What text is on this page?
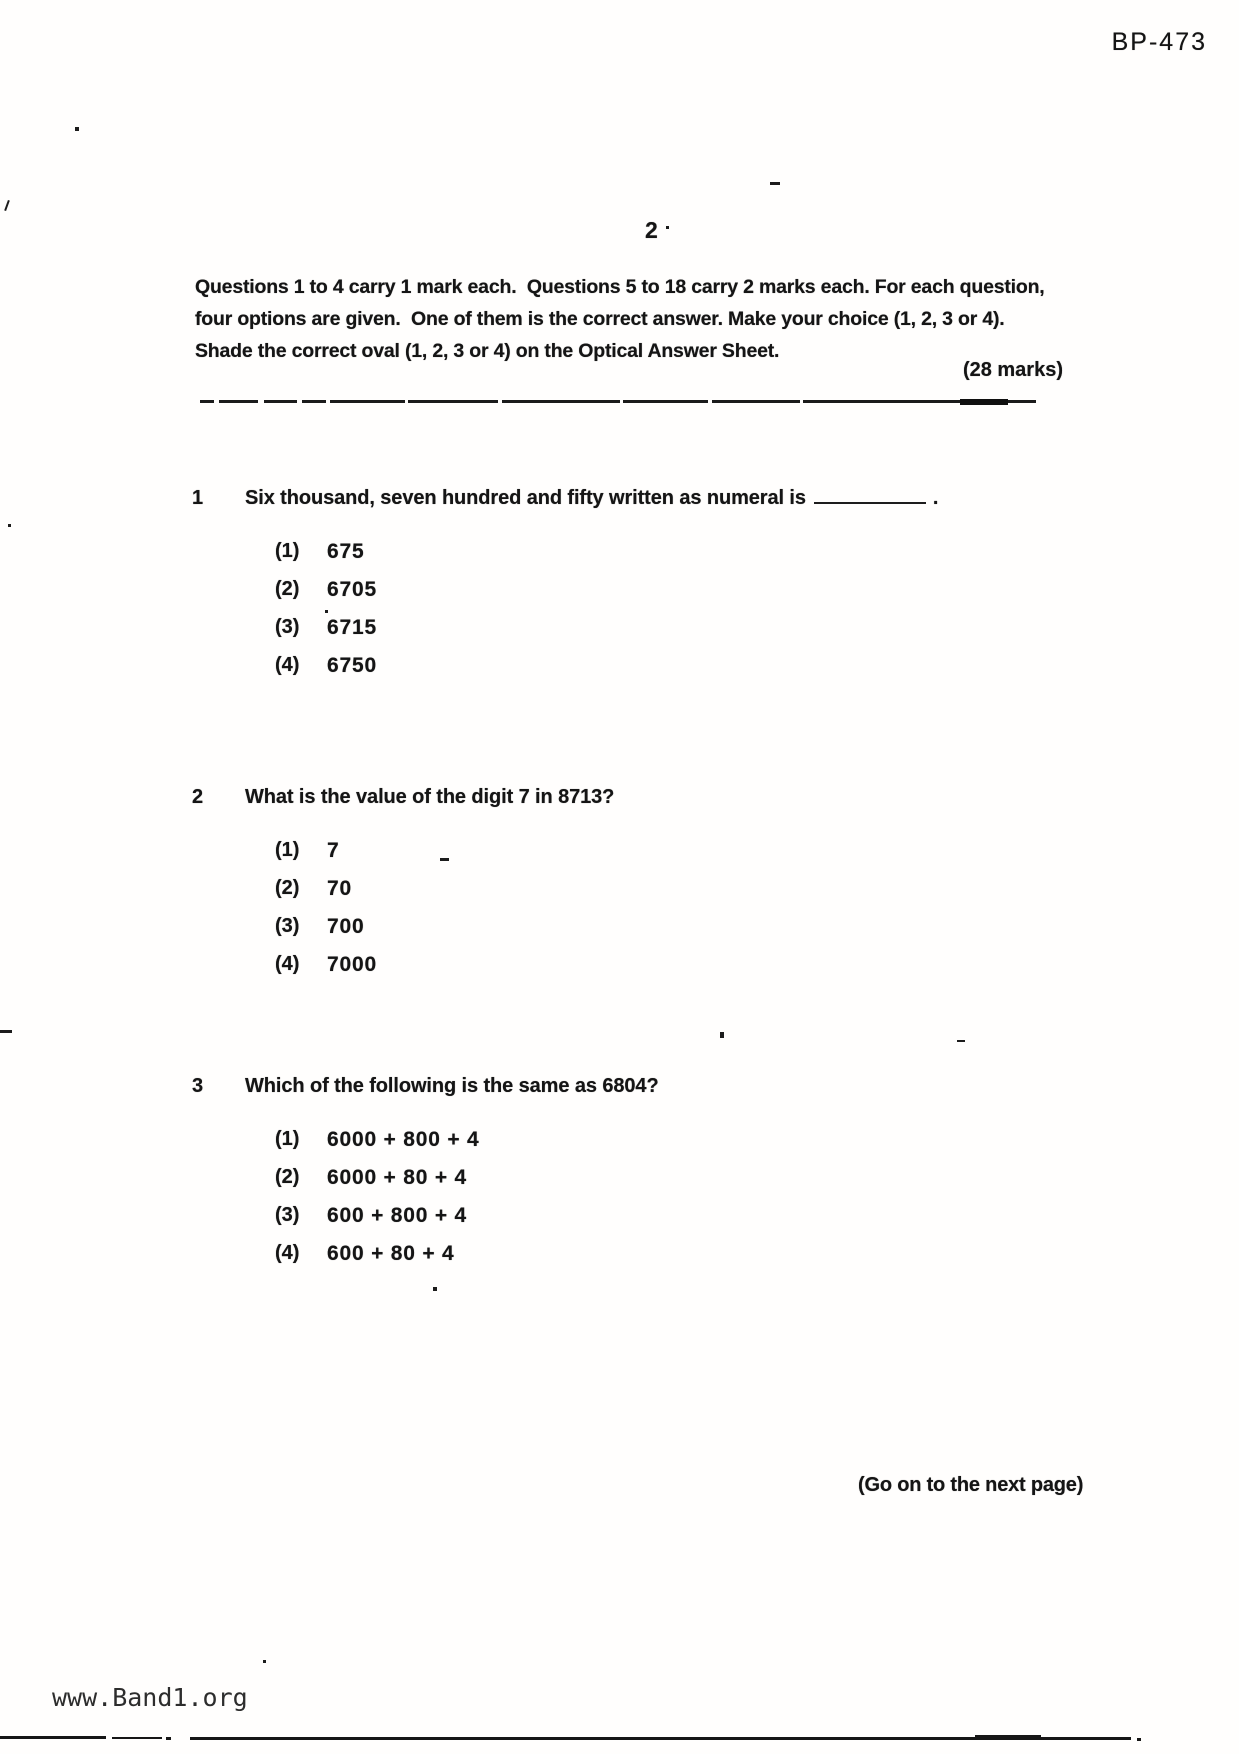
BP-473
2
Questions 1 to 4 carry 1 mark each.  Questions 5 to 18 carry 2 marks each. For each question,
four options are given.  One of them is the correct answer. Make your choice (1, 2, 3 or 4).
Shade the correct oval (1, 2, 3 or 4) on the Optical Answer Sheet.
(28 marks)
1 Six thousand, seven hundred and fifty written as numeral is	.
(1)	675
(2)	6705
(3)	6715
(4)	6750
2 What is the value of the digit 7 in 8713?
(1)	7
(2)	70
(3)	700
(4)	7000
3 Which of the following is the same as 6804?
(1)	6000 + 800 + 4
(2)	6000 + 80 + 4
(3)	600 + 800 + 4
(4)	600 + 80 + 4
(Go on to the next page)
www.Band1.org
